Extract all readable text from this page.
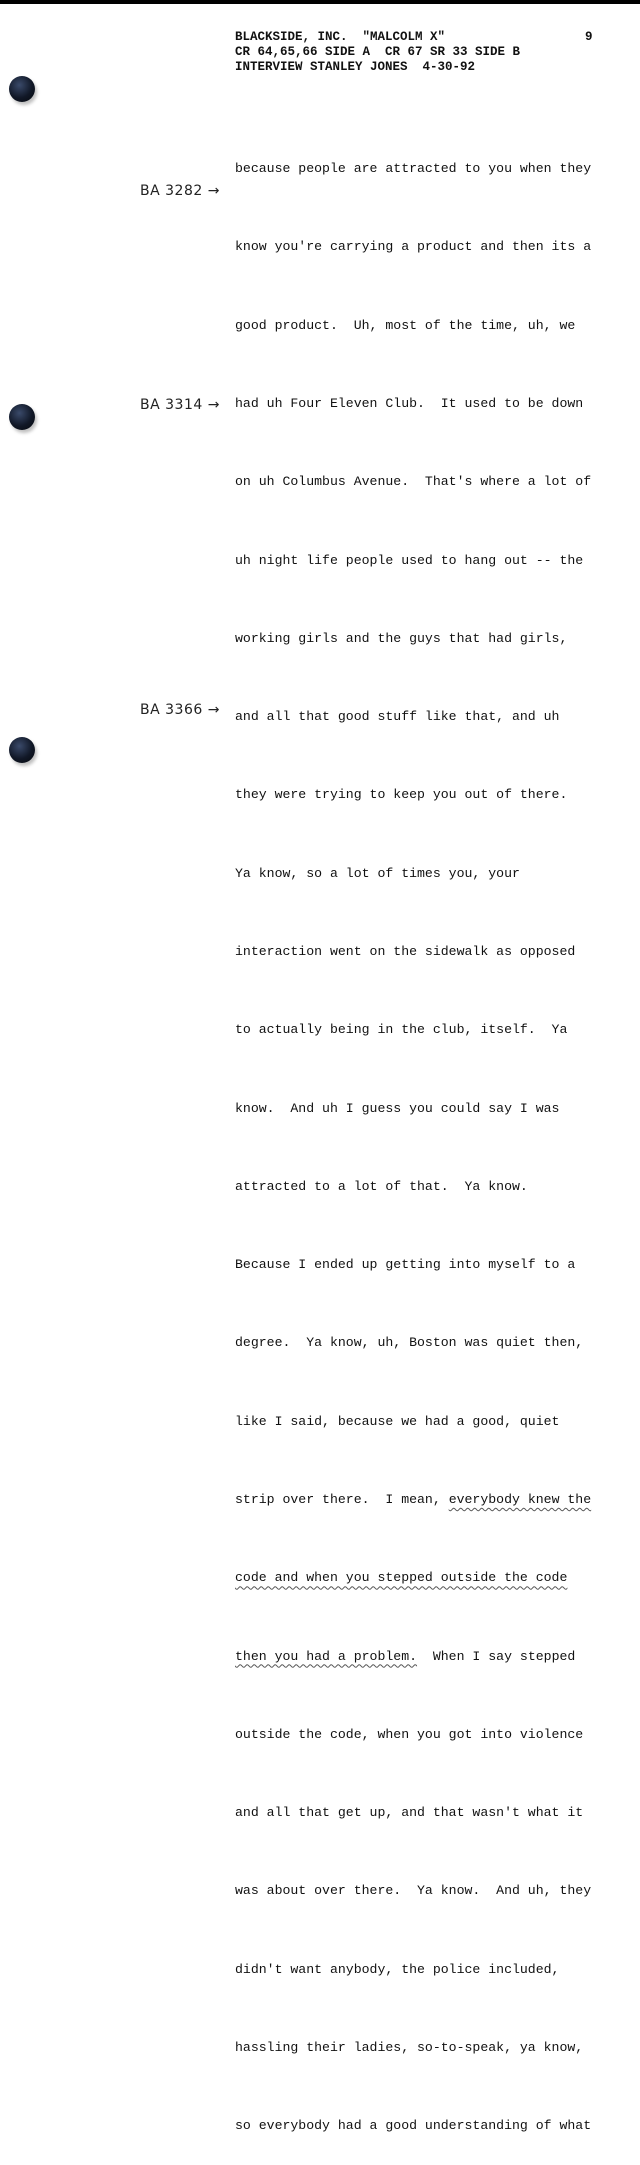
BLACKSIDE, INC.  "MALCOLM X"
CR 64,65,66 SIDE A  CR 67 SR 33 SIDE B
INTERVIEW STANLEY JONES  4-30-92
9
BA 3282 →
BA 3314 →
BA 3366 →

because people are attracted to you when they

know you're carrying a product and then its a

good product.  Uh, most of the time, uh, we

had uh Four Eleven Club.  It used to be down

on uh Columbus Avenue.  That's where a lot of

uh night life people used to hang out -- the

working girls and the guys that had girls,

and all that good stuff like that, and uh

they were trying to keep you out of there.

Ya know, so a lot of times you, your

interaction went on the sidewalk as opposed

to actually being in the club, itself.  Ya

know.  And uh I guess you could say I was

attracted to a lot of that.  Ya know.

Because I ended up getting into myself to a

degree.  Ya know, uh, Boston was quiet then,

like I said, because we had a good, quiet

strip over there.  I mean, everybody knew the

code and when you stepped outside the code

then you had a problem.  When I say stepped

outside the code, when you got into violence

and all that get up, and that wasn't what it

was about over there.  Ya know.  And uh, they

didn't want anybody, the police included,

hassling their ladies, so-to-speak, ya know,

so everybody had a good understanding of what
